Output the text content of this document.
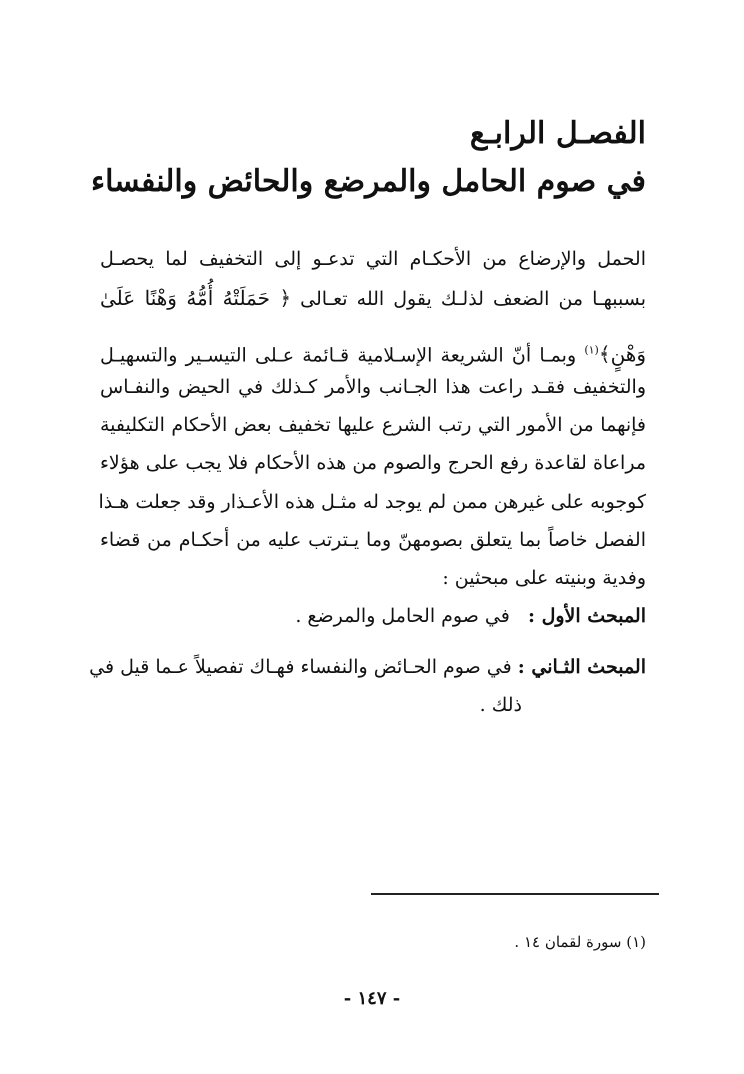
الفصـل الرابـع
في صوم الحامل والمرضع والحائض والنفساء
الحمل والإرضاع من الأحكـام التي تدعـو إلى التخفيف لما يحصـل
بسببهـا من الضعف لذلـك يقول الله تعـالى ﴿ حَمَلَتْهُ أُمُّهُ وَهْنًا عَلَىٰ
وَهْنٍ﴾$^{(١)}$ وبمـا أنّ الشريعة الإسـلامية قـائمة عـلى التيسـير والتسهيـل
والتخفيف فقـد راعت هذا الجـانب والأمر كـذلك في الحيض والنفـاس
فإنهما من الأمور التي رتب الشرع عليها تخفيف بعض الأحكام التكليفية
مراعاة لقاعدة رفع الحرج والصوم من هذه الأحكام فلا يجب على هؤلاء
كوجوبه على غيرهن ممن لم يوجد له مثـل هذه الأعـذار وقد جعلت هـذا
الفصل خاصاً بما يتعلق بصومهنّ وما يـترتب عليه من أحكـام من قضاء
وفدية وبنيته على مبحثين :
المبحث الأول :   في صوم الحامل والمرضع .
المبحث الثـاني : في صوم الحـائض والنفساء فهـاك تفصيلاً عـما قيل في
ذلك .
(١) سورة لقمان ١٤ .
- ١٤٧ -
